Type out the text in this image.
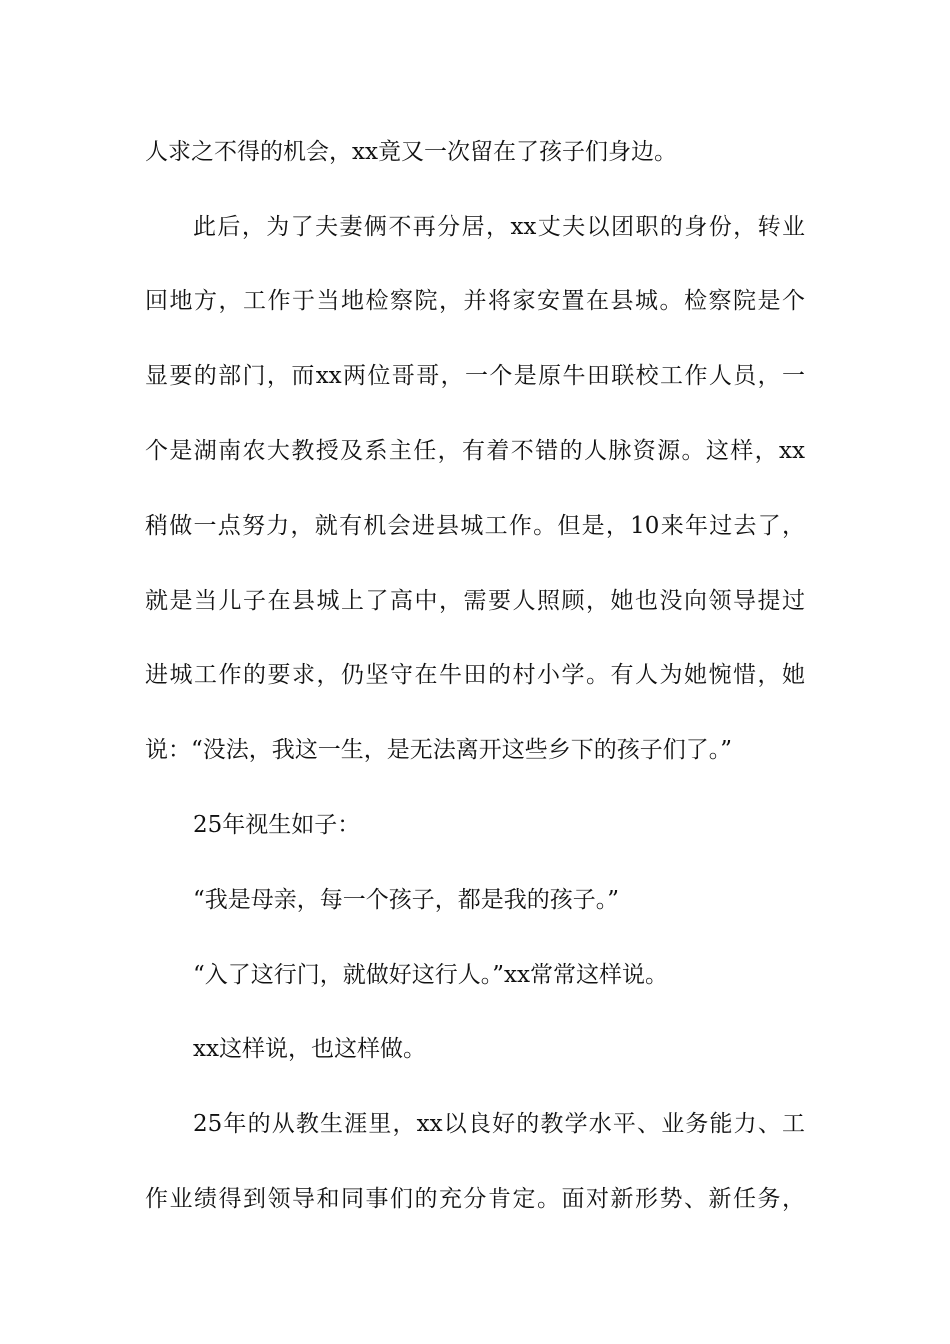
人求之不得的机会，xx竟又一次留在了孩子们身边。
此后，为了夫妻俩不再分居，xx丈夫以团职的身份，转业
回地方，工作于当地检察院，并将家安置在县城。检察院是个
显要的部门，而xx两位哥哥，一个是原牛田联校工作人员，一
个是湖南农大教授及系主任，有着不错的人脉资源。这样，xx
稍做一点努力，就有机会进县城工作。但是，10来年过去了，
就是当儿子在县城上了高中，需要人照顾，她也没向领导提过
进城工作的要求，仍坚守在牛田的村小学。有人为她惋惜，她
说：“没法，我这一生，是无法离开这些乡下的孩子们了。”
25年视生如子：
“我是母亲，每一个孩子，都是我的孩子。”
“入了这行门，就做好这行人。”xx常常这样说。
xx这样说，也这样做。
25年的从教生涯里，xx以良好的教学水平、业务能力、工
作业绩得到领导和同事们的充分肯定。面对新形势、新任务，
